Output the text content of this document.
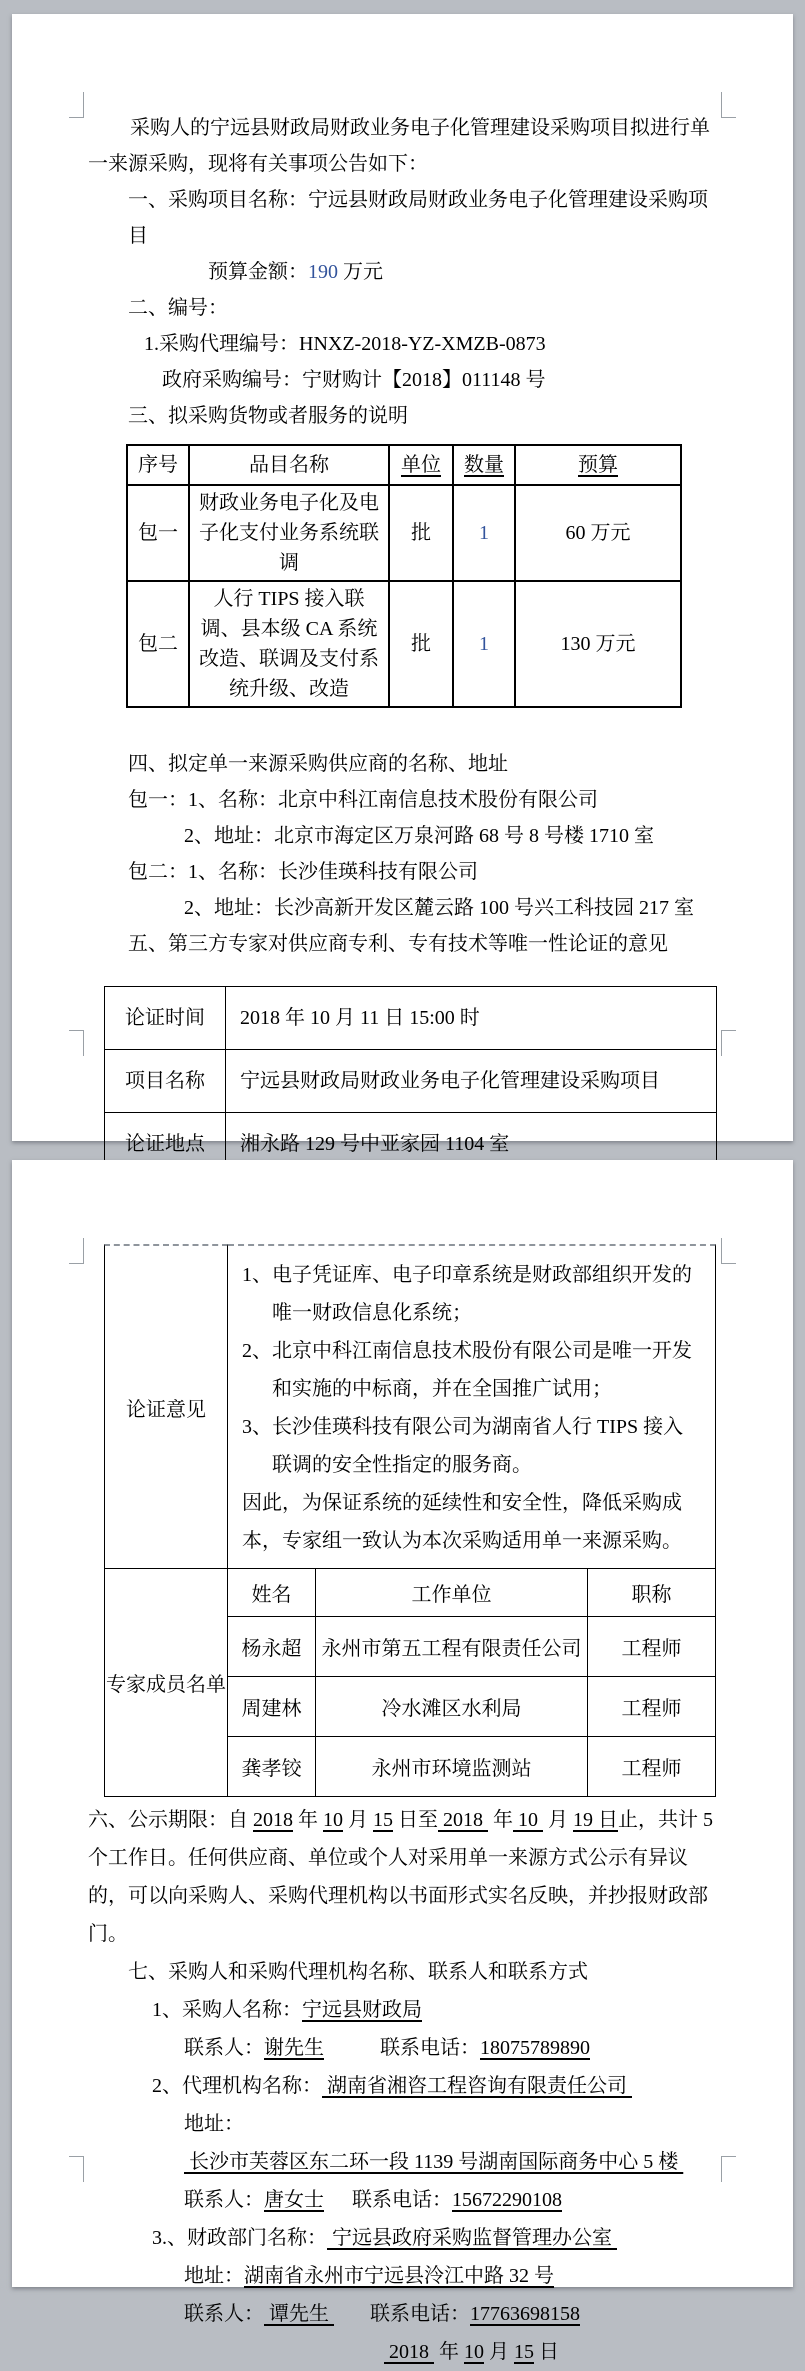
采购人的宁远县财政局财政业务电子化管理建设采购项目拟进行单一来源采购，现将有关事项公告如下：

一、采购项目名称：宁远县财政局财政业务电子化管理建设采购项目

预算金额：190 万元

二、编号：

1.采购代理编号：HNXZ-2018-YZ-XMZB-0873

政府采购编号：宁财购计【2018】011148 号

三、拟采购货物或者服务的说明

序号	品目名称	单位	数量	预算
包一	财政业务电子化及电子化支付业务系统联调	批	1	60 万元
包二	人行 TIPS 接入联调、县本级 CA 系统改造、联调及支付系统升级、改造	批	1	130 万元

四、拟定单一来源采购供应商的名称、地址

包一：1、名称：北京中科江南信息技术股份有限公司

2、地址：北京市海定区万泉河路 68 号 8 号楼 1710 室

包二：1、名称：长沙佳瑛科技有限公司

2、地址：长沙高新开发区麓云路 100 号兴工科技园 217 室

五、第三方专家对供应商专利、专有技术等唯一性论证的意见

论证时间	2018 年 10 月 11 日 15:00 时
项目名称	宁远县财政局财政业务电子化管理建设采购项目
论证地点	湘永路 129 号中亚家园 1104 室
论证意见	1、电子凭证库、电子印章系统是财政部组织开发的唯一财政信息化系统；
2、北京中科江南信息技术股份有限公司是唯一开发和实施的中标商，并在全国推广试用；
3、长沙佳瑛科技有限公司为湖南省人行 TIPS 接入联调的安全性指定的服务商。
因此，为保证系统的延续性和安全性，降低采购成本，专家组一致认为本次采购适用单一来源采购。		

专家成员名单	姓名	工作单位	职称
	杨永超	永州市第五工程有限责任公司	工程师
	周建林	冷水滩区水利局	工程师
	龚孝铰	永州市环境监测站	工程师

六、公示期限：自 2018 年 10 月 15 日至 2018  年 10  月 19 日止，共计 5 个工作日。任何供应商、单位或个人对采用单一来源方式公示有异议的，可以向采购人、采购代理机构以书面形式实名反映，并抄报财政部门。

七、采购人和采购代理机构名称、联系人和联系方式

1、采购人名称：宁远县财政局

联系人：谢先生	联系电话：18075789890

2、代理机构名称： 湖南省湘咨工程咨询有限责任公司

地址： 长沙市芙蓉区东二环一段 1139 号湖南国际商务中心 5 楼

联系人：唐女士 联系电话：15672290108

3.、财政部门名称： 宁远县政府采购监督管理办公室

地址：湖南省永州市宁远县泠江中路 32 号

联系人： 谭先生 联系电话：17763698158

2018  年 10 月 15 日
